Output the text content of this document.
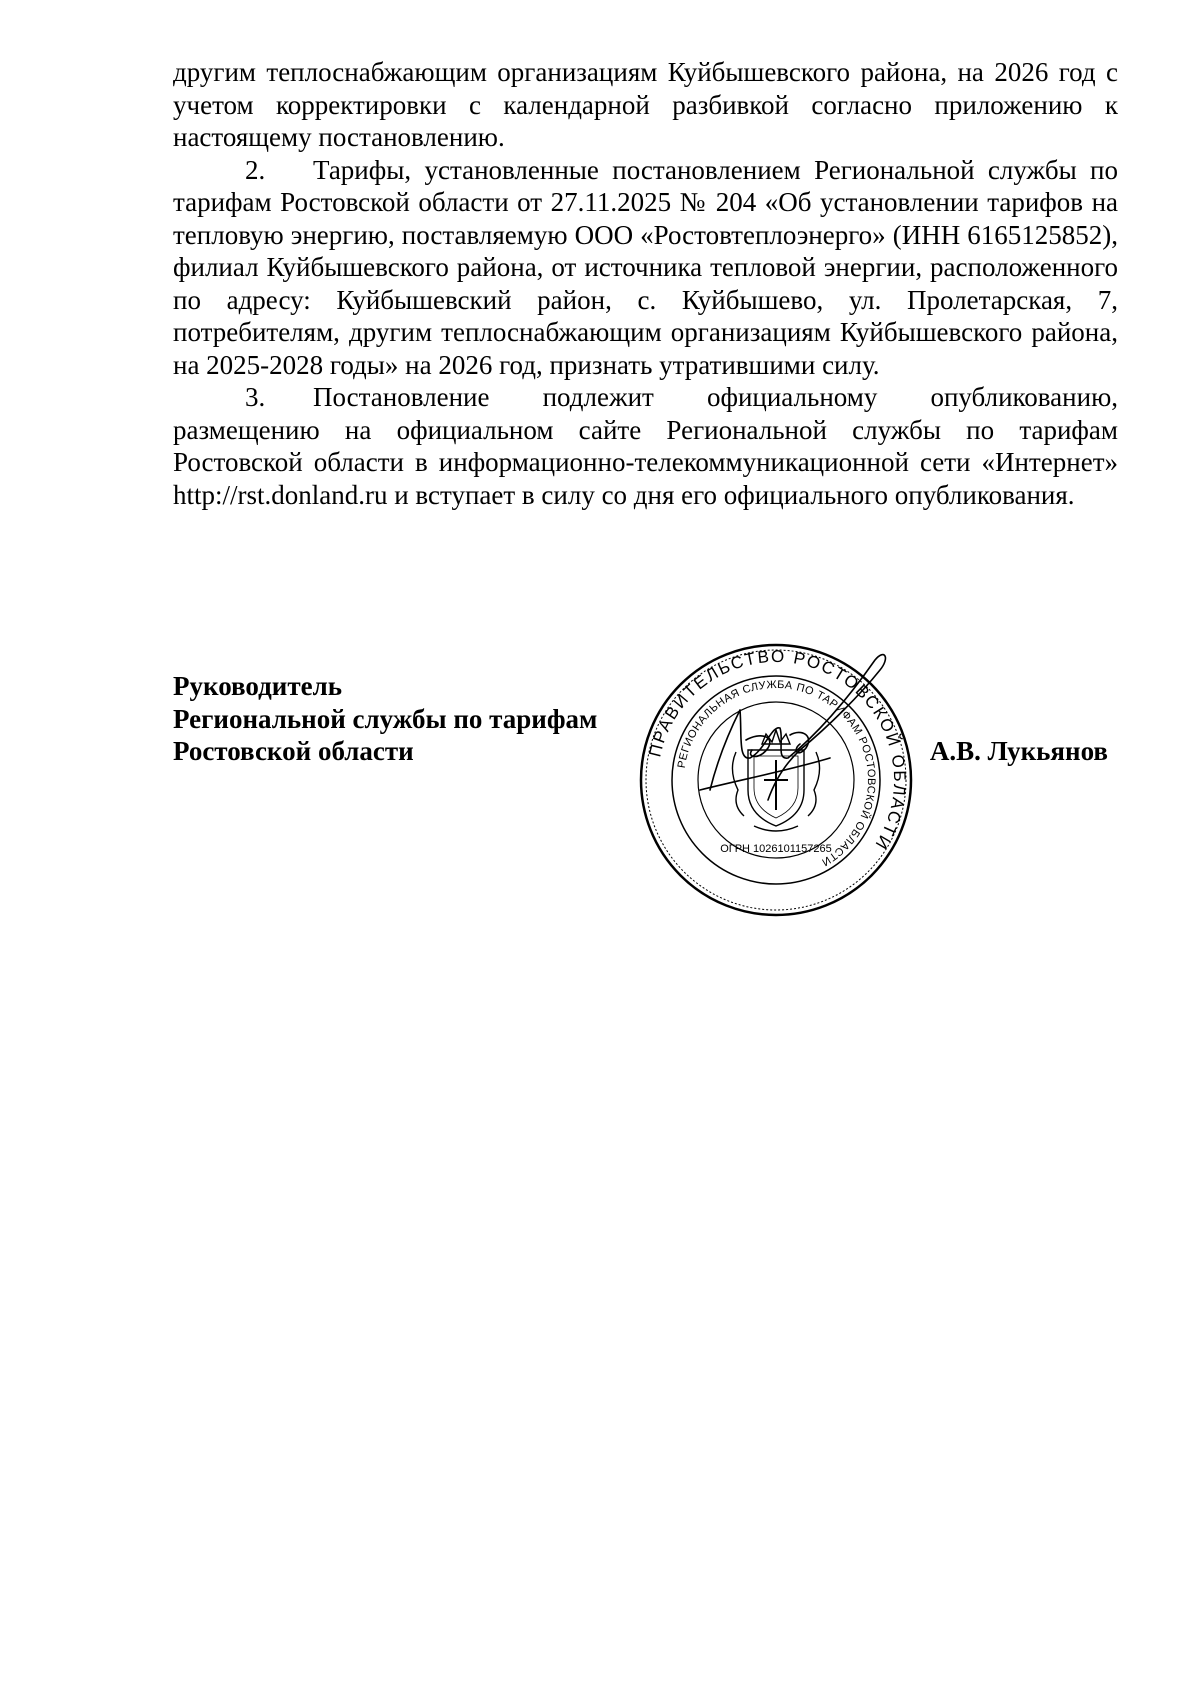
другим теплоснабжающим организациям Куйбышевского района, на 2026 год с учетом корректировки с календарной разбивкой согласно приложению к настоящему постановлению.

2. Тарифы, установленные постановлением Региональной службы по тарифам Ростовской области от 27.11.2025 № 204 «Об установлении тарифов на тепловую энергию, поставляемую ООО «Ростовтеплоэнерго» (ИНН 6165125852), филиал Куйбышевского района, от источника тепловой энергии, расположенного по адресу: Куйбышевский район, с. Куйбышево, ул. Пролетарская, 7, потребителям, другим теплоснабжающим организациям Куйбышевского района, на 2025-2028 годы» на 2026 год, признать утратившими силу.

3. Постановление подлежит официальному опубликованию, размещению на официальном сайте Региональной службы по тарифам Ростовской области в информационно-телекоммуникационной сети «Интернет» http://rst.donland.ru и вступает в силу со дня его официального опубликования.

Руководитель
Региональной службы по тарифам
Ростовской области	А.В. Лукьянов
ПРАВИТЕЛЬСТВО РОСТОВСКОЙ ОБЛАСТИ
РЕГИОНАЛЬНАЯ СЛУЖБА ПО ТАРИФАМ РОСТОВСКОЙ ОБЛАСТИ
ОГРН 1026101157265
